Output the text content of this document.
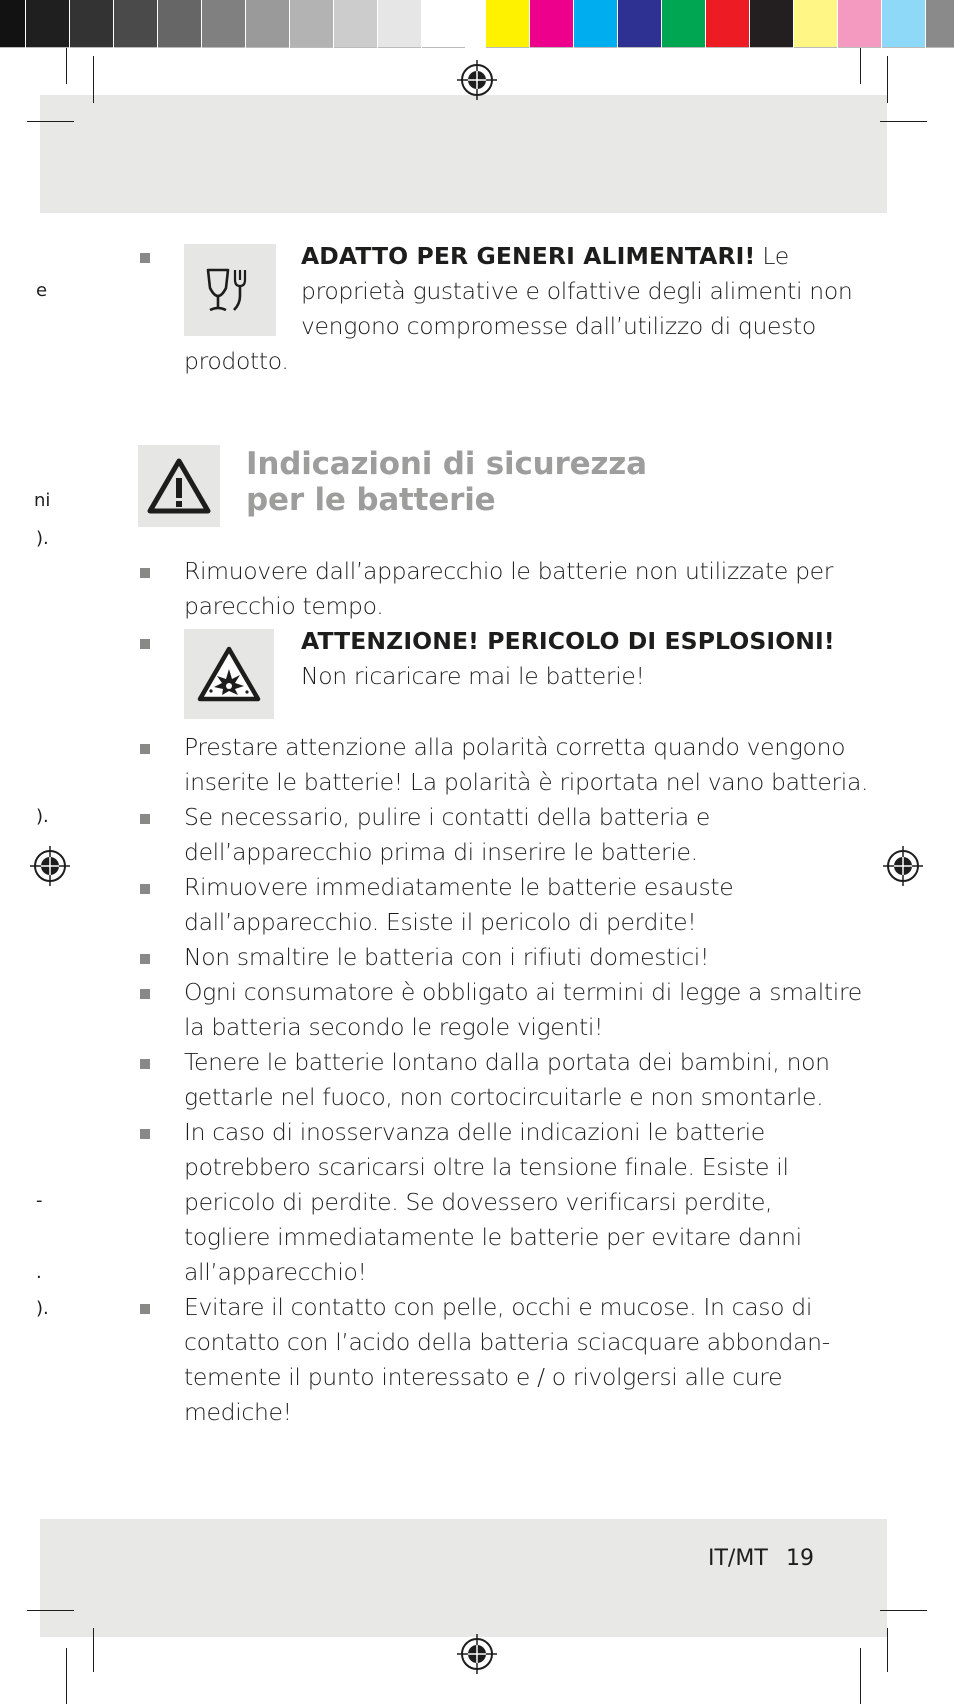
e
ni
).
).
-
.
).
ADATTO PER GENERI ALIMENTARI! Le
proprietà gustative e olfattive degli alimenti non
vengono compromesse dall’utilizzo di questo
prodotto.
Indicazioni di sicurezza
per le batterie
Rimuovere dall’apparecchio le batterie non utilizzate per
parecchio tempo.
ATTENZIONE! PERICOLO DI ESPLOSIONI!
Non ricaricare mai le batterie!
Prestare attenzione alla polarità corretta quando vengono
inserite le batterie! La polarità è riportata nel vano batteria.
Se necessario, pulire i contatti della batteria e
dell’apparecchio prima di inserire le batterie.
Rimuovere immediatamente le batterie esauste
dall’apparecchio. Esiste il pericolo di perdite!
Non smaltire le batteria con i rifiuti domestici!
Ogni consumatore è obbligato ai termini di legge a smaltire
la batteria secondo le regole vigenti!
Tenere le batterie lontano dalla portata dei bambini, non
gettarle nel fuoco, non cortocircuitarle e non smontarle.
In caso di inosservanza delle indicazioni le batterie
potrebbero scaricarsi oltre la tensione finale. Esiste il
pericolo di perdite. Se dovessero verificarsi perdite,
togliere immediatamente le batterie per evitare danni
all’apparecchio!
Evitare il contatto con pelle, occhi e mucose. In caso di
contatto con l’acido della batteria sciacquare abbondan-
temente il punto interessato e / o rivolgersi alle cure mediche!
IT/MT 19
